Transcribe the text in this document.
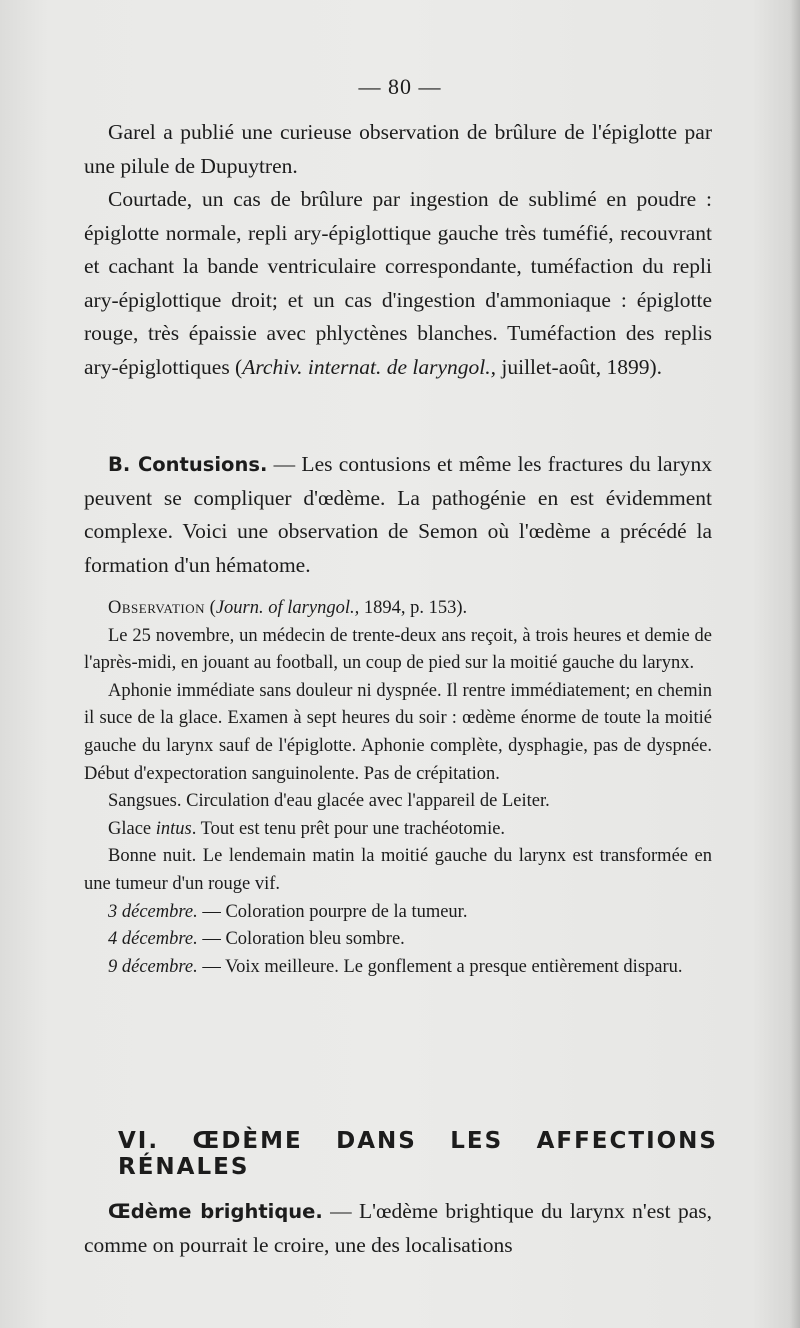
— 80 —

Garel a publié une curieuse observation de brûlure de l'épiglotte par une pilule de Dupuytren.

Courtade, un cas de brûlure par ingestion de sublimé en poudre : épiglotte normale, repli ary-épiglottique gauche très tuméfié, recouvrant et cachant la bande ventriculaire correspondante, tuméfaction du repli ary-épiglottique droit; et un cas d'ingestion d'ammoniaque : épiglotte rouge, très épaissie avec phlyctènes blanches. Tuméfaction des replis ary-épiglottiques (Archiv. internat. de laryngol., juillet-août, 1899).

B. Contusions. — Les contusions et même les fractures du larynx peuvent se compliquer d'œdème. La pathogénie en est évidemment complexe. Voici une observation de Semon où l'œdème a précédé la formation d'un hématome.

Observation (Journ. of laryngol., 1894, p. 153).

Le 25 novembre, un médecin de trente-deux ans reçoit, à trois heures et demie de l'après-midi, en jouant au football, un coup de pied sur la moitié gauche du larynx.

Aphonie immédiate sans douleur ni dyspnée. Il rentre immédiatement; en chemin il suce de la glace. Examen à sept heures du soir : œdème énorme de toute la moitié gauche du larynx sauf de l'épiglotte. Aphonie complète, dysphagie, pas de dyspnée. Début d'expectoration sanguinolente. Pas de crépitation.

Sangsues. Circulation d'eau glacée avec l'appareil de Leiter.

Glace intus. Tout est tenu prêt pour une trachéotomie.

Bonne nuit. Le lendemain matin la moitié gauche du larynx est transformée en une tumeur d'un rouge vif.

3 décembre. — Coloration pourpre de la tumeur.

4 décembre. — Coloration bleu sombre.

9 décembre. — Voix meilleure. Le gonflement a presque entièrement disparu.

VI. ŒDÈME DANS LES AFFECTIONS RÉNALES

Œdème brightique. — L'œdème brightique du larynx n'est pas, comme on pourrait le croire, une des localisations
